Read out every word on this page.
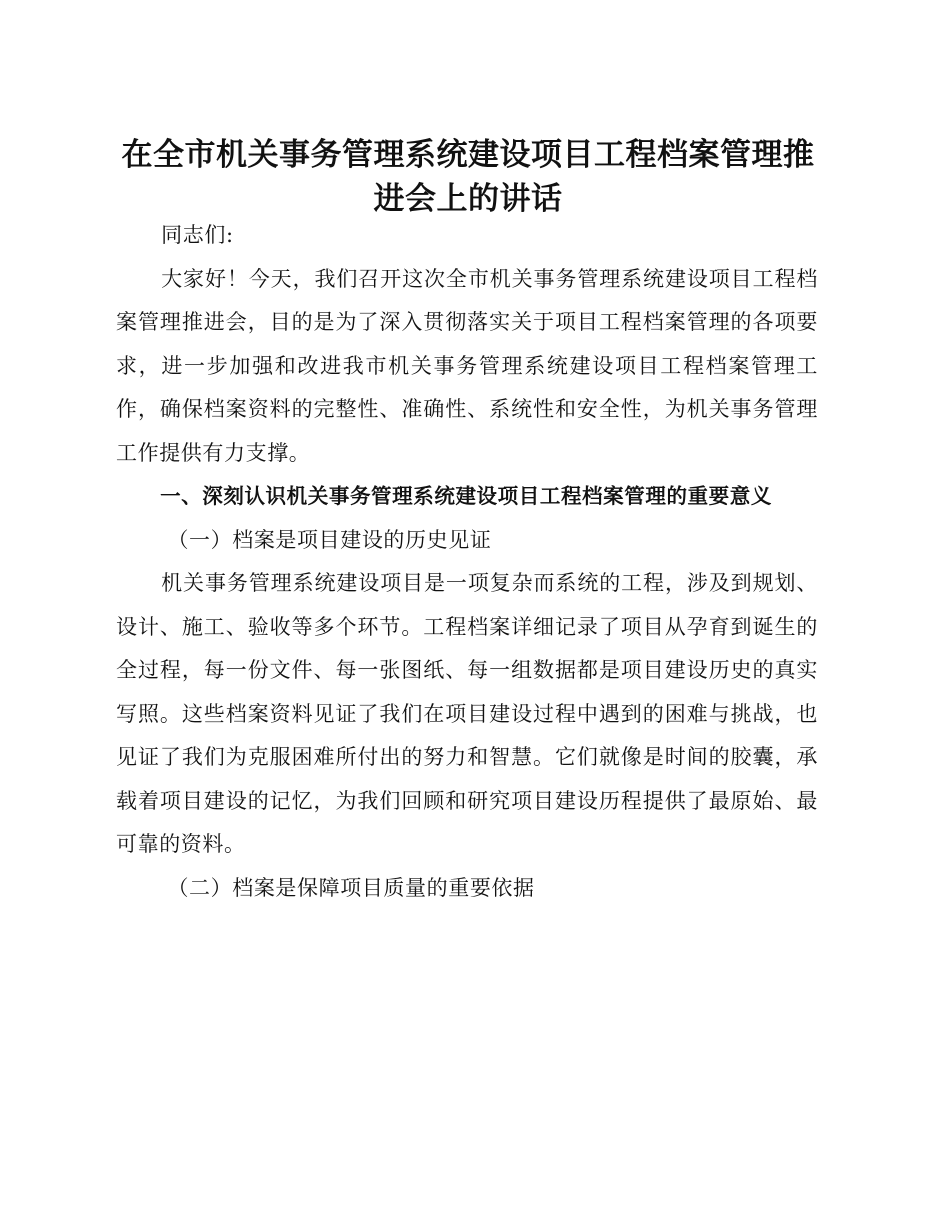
在全市机关事务管理系统建设项目工程档案管理推进会上的讲话

同志们:

大家好！今天，我们召开这次全市机关事务管理系统建设项目工程档案管理推进会，目的是为了深入贯彻落实关于项目工程档案管理的各项要求，进一步加强和改进我市机关事务管理系统建设项目工程档案管理工作，确保档案资料的完整性、准确性、系统性和安全性，为机关事务管理工作提供有力支撑。

一、深刻认识机关事务管理系统建设项目工程档案管理的重要意义

（一）档案是项目建设的历史见证

机关事务管理系统建设项目是一项复杂而系统的工程，涉及到规划、设计、施工、验收等多个环节。工程档案详细记录了项目从孕育到诞生的全过程，每一份文件、每一张图纸、每一组数据都是项目建设历史的真实写照。这些档案资料见证了我们在项目建设过程中遇到的困难与挑战，也见证了我们为克服困难所付出的努力和智慧。它们就像是时间的胶囊，承载着项目建设的记忆，为我们回顾和研究项目建设历程提供了最原始、最可靠的资料。

（二）档案是保障项目质量的重要依据
